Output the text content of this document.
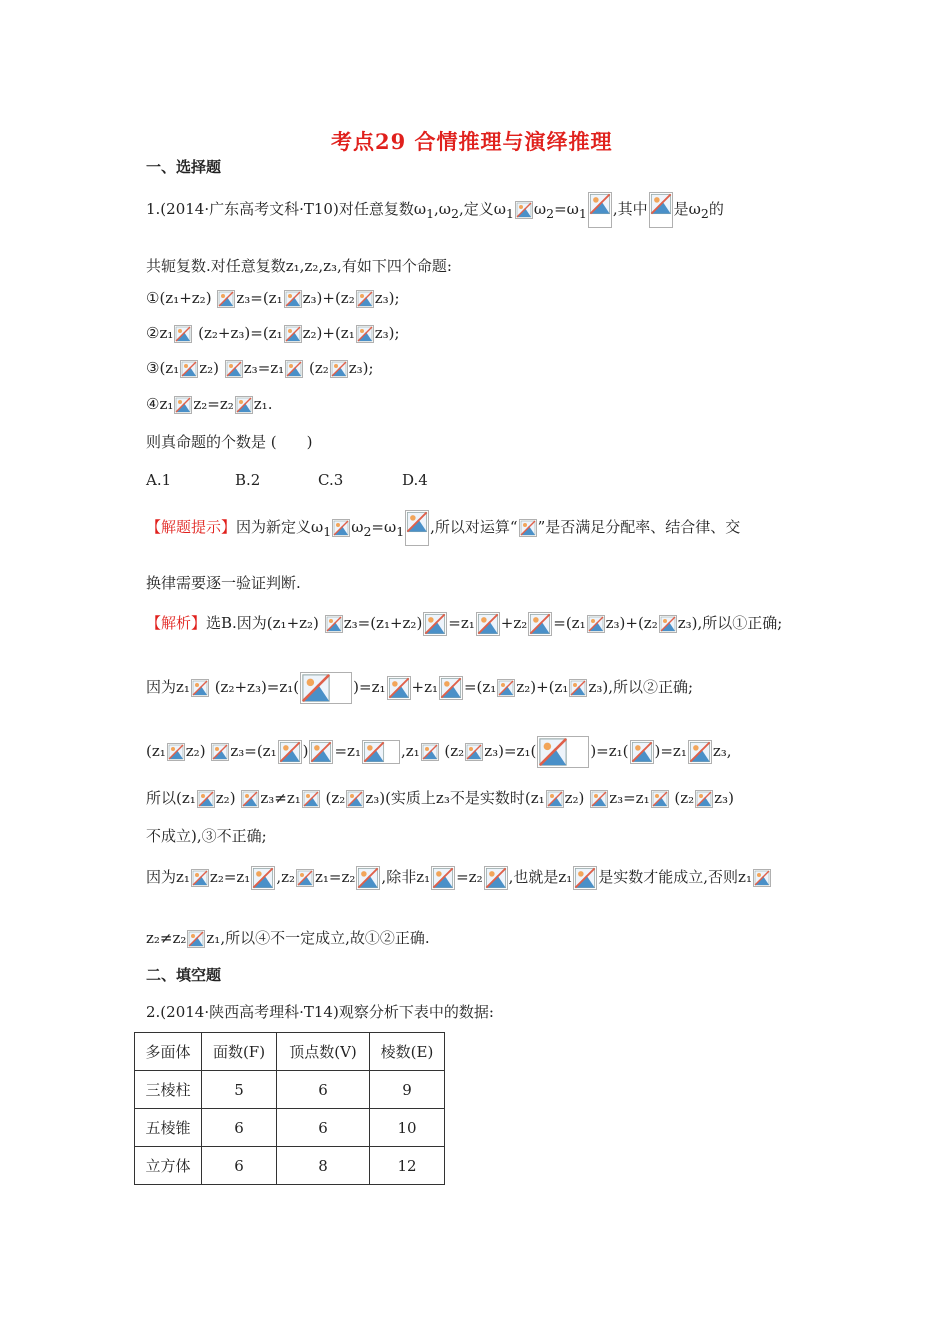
考点29 合情推理与演绎推理
一、选择题
1.(2014·广东高考文科·T10)对任意复数$\omega_1,\omega_2$,定义$\omega_1$ $\omega_2=\omega_1$ ,其中 是$\omega_2$的
共轭复数.对任意复数z₁,z₂,z₃,有如下四个命题:
①(z₁+z₂) z₃=(z₁ z₃)+(z₂ z₃);
②z₁ (z₂+z₃)=(z₁ z₂)+(z₁ z₃);
③(z₁ z₂) z₃=z₁ (z₂ z₃);
④z₁ z₂=z₂ z₁.
则真命题的个数是 (　　)
A.1	B.2	C.3	D.4
【解题提示】因为新定义$\omega_1$ $\omega_2=\omega_1$ ,所以对运算“ ”是否满足分配率、结合律、交
换律需要逐一验证判断.
【解析】选B.因为(z₁+z₂) z₃=(z₁+z₂) =z₁ +z₂ =(z₁ z₃)+(z₂ z₃),所以①正确;
因为z₁ (z₂+z₃)=z₁(	)=z₁ +z₁ =(z₁ z₂)+(z₁ z₃),所以②正确;
(z₁ z₂) z₃=(z₁ ) =z₁	,z₁ (z₂ z₃)=z₁(	)=z₁( )=z₁ z₃,
所以(z₁ z₂) z₃≠z₁ (z₂ z₃)(实质上z₃不是实数时(z₁ z₂) z₃=z₁ (z₂ z₃)
不成立),③不正确;
因为z₁ z₂=z₁ ,z₂ z₁=z₂ ,除非z₁ =z₂ ,也就是z₁ 是实数才能成立,否则z₁
z₂≠z₂ z₁,所以④不一定成立,故①②正确.
二、填空题
2.(2014·陕西高考理科·T14)观察分析下表中的数据:
多面体	面数(F)	顶点数(V)	棱数(E)
三棱柱	5	6	9
五棱锥	6	6	10
立方体	6	8	12
